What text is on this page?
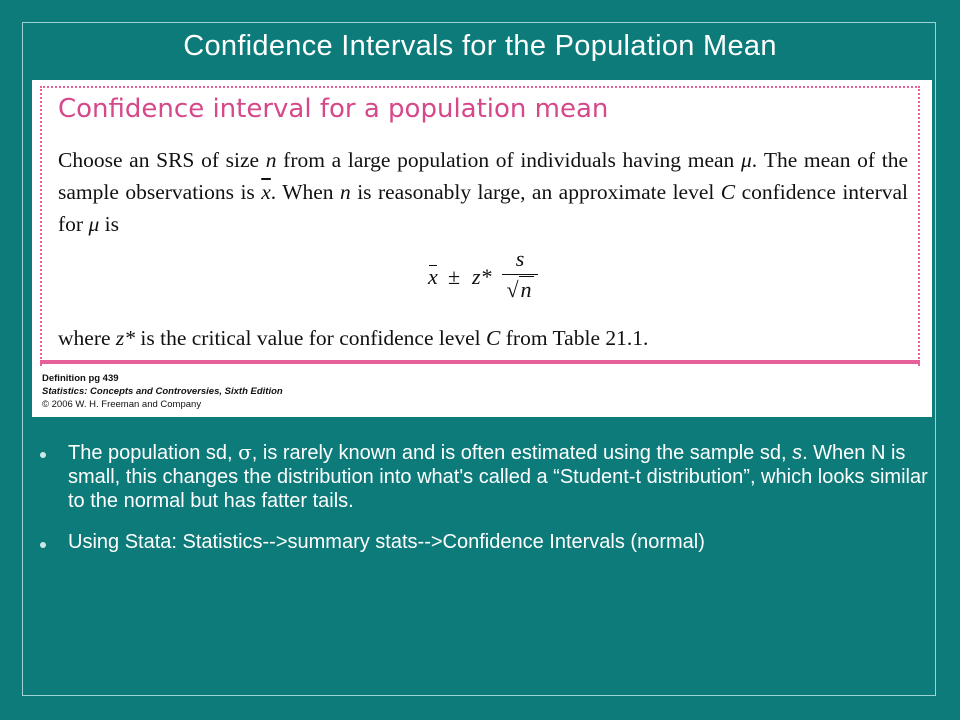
Confidence Intervals for the Population Mean
Confidence interval for a population mean
Choose an SRS of size n from a large population of individuals having mean μ. The mean of the sample observations is $\overline{x}$. When n is reasonably large, an approximate level C confidence interval for μ is
x ± z*
s
√n
where z* is the critical value for confidence level C from Table 21.1.
Definition pg 439
Statistics: Concepts and Controversies, Sixth Edition
© 2006 W. H. Freeman and Company
The population sd, σ, is rarely known and is often estimated using the sample sd, s. When N is small, this changes the distribution into what's called a “Student-t distribution”, which looks similar to the normal but has fatter tails.
Using Stata: Statistics-->summary stats-->Confidence Intervals (normal)
